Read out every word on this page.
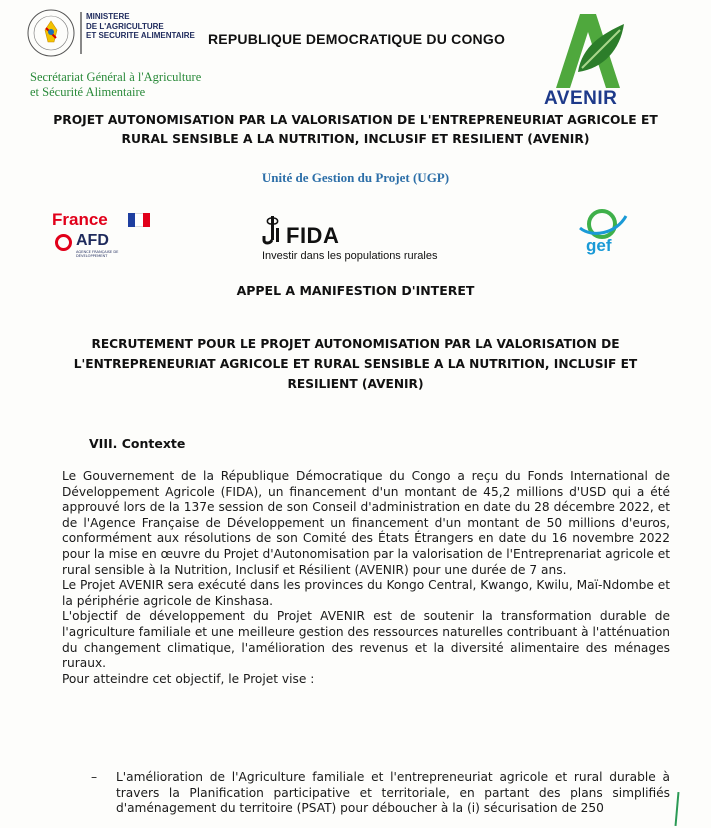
MINISTERE
DE L'AGRICULTURE
ET SECURITE ALIMENTAIRE REPUBLIQUE DEMOCRATIQUE DU CONGO
Secrétariat Général à l'Agriculture
et Sécurité Alimentaire	AVENIR
PROJET AUTONOMISATION PAR LA VALORISATION DE L'ENTREPRENEURIAT AGRICOLE ET
RURAL SENSIBLE A LA NUTRITION, INCLUSIF ET RESILIENT (AVENIR)
Unité de Gestion du Projet (UGP)
France
AFD
AGENCE FRANÇAISE DE DÉVELOPPEMENT
FIDA
Investir dans les populations rurales
gef
APPEL A MANIFESTION D'INTERET
RECRUTEMENT POUR LE PROJET AUTONOMISATION PAR LA VALORISATION DE
L'ENTREPRENEURIAT AGRICOLE ET RURAL SENSIBLE A LA NUTRITION, INCLUSIF ET
RESILIENT (AVENIR)
VIII. Contexte

Le Gouvernement de la République Démocratique du Congo a reçu du Fonds International de Développement Agricole (FIDA), un financement d'un montant de 45,2 millions d'USD qui a été approuvé lors de la 137e session de son Conseil d'administration en date du 28 décembre 2022, et de l'Agence Française de Développement un financement d'un montant de 50 millions d'euros, conformément aux résolutions de son Comité des États Étrangers en date du 16 novembre 2022 pour la mise en œuvre du Projet d'Autonomisation par la valorisation de l'Entreprenariat agricole et rural sensible à la Nutrition, Inclusif et Résilient (AVENIR) pour une durée de 7 ans.

Le Projet AVENIR sera exécuté dans les provinces du Kongo Central, Kwango, Kwilu, Maï-Ndombe et la périphérie agricole de Kinshasa.

L'objectif de développement du Projet AVENIR est de soutenir la transformation durable de l'agriculture familiale et une meilleure gestion des ressources naturelles contribuant à l'atténuation du changement climatique, l'amélioration des revenus et la diversité alimentaire des ménages ruraux.

Pour atteindre cet objectif, le Projet vise :

–	L'amélioration de l'Agriculture familiale et l'entrepreneuriat agricole et rural durable à travers la Planification participative et territoriale, en partant des plans simplifiés d'aménagement du territoire (PSAT) pour déboucher à la (i) sécurisation de 250
